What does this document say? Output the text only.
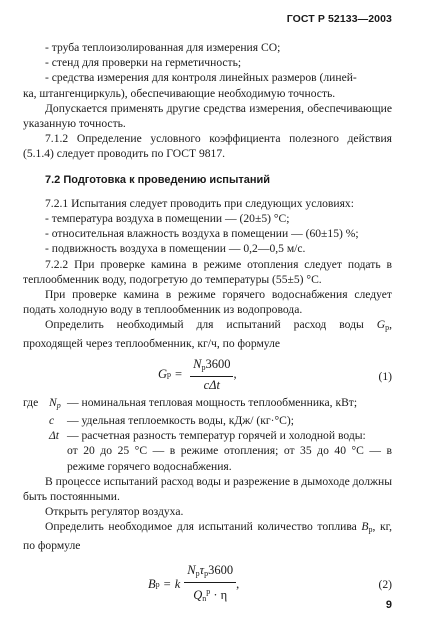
ГОСТ Р 52133—2003

- труба теплоизолированная для измерения СО;

- стенд для проверки на герметичность;

- средства измерения для контроля линейных размеров (линей-

ка, штангенциркуль), обеспечивающие необходимую точность.

Допускается применять другие средства измерения, обеспечивающие указанную точность.

7.1.2 Определение условного коэффициента полезного действия (5.1.4) следует проводить по ГОСТ 9817.

7.2 Подготовка к проведению испытаний

7.2.1 Испытания следует проводить при следующих условиях:

- температура воздуха в помещении — (20±5) °С;

- относительная влажность воздуха в помещении — (60±15) %;

- подвижность воздуха в помещении — 0,2—0,5 м/с.

7.2.2 При проверке камина в режиме отопления следует подать в теплообменник воду, подогретую до температуры (55±5) °С.

При проверке камина в режиме горячего водоснабжения следует подать холодную воду в теплообменник из водопровода.

Определить необходимый для испытаний расход воды $G_p$, проходящей через теплообменник, кг/ч, по формуле

G $p = \frac{N_p3600}{\text{cΔt}}$ ,	(1)
где $N_p$ — номинальная тепловая мощность теплообменника, кВт;
c	— удельная теплоемкость воды, кДж/ (кг·°С);
Δt — расчетная разность температур горячей и холодной воды:

от 20 до 25 °С — в режиме отопления; от 35 до 40 °С — в режиме горячего водоснабжения.

В процессе испытаний расход воды и разрежение в дымоходе должны быть постоянными.

Открыть регулятор воздуха.

Определить необходимое для испытаний количество топлива $B_p$, кг, по формуле

B p = k $\frac{N_p\tau_p3600}{Q_n^p \cdot \eta}$ ,	(2)
9
